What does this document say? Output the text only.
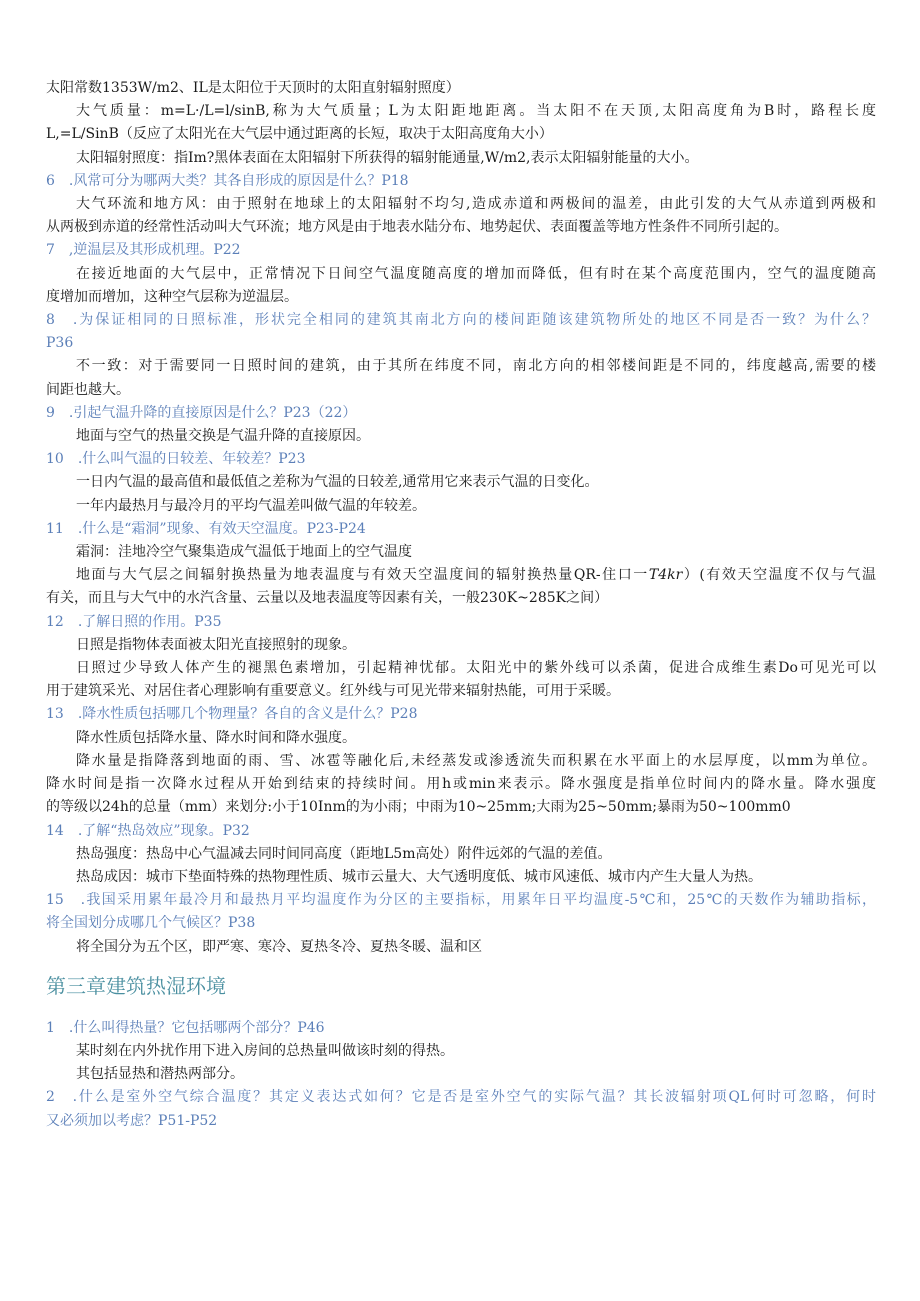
太阳常数1353W/m2、IL是太阳位于天顶时的太阳直射辐射照度）
大气质量：m=L·/L=l/sinB,称为大气质量；L为太阳距地距离。当太阳不在天顶,太阳高度角为B时，路程长度
L,=L/SinB（反应了太阳光在大气层中通过距离的长短，取决于太阳高度角大小）
太阳辐射照度：指Im?黑体表面在太阳辐射下所获得的辐射能通量,W/m2,表示太阳辐射能量的大小。
6　.风常可分为哪两大类？其各自形成的原因是什么？P18
大气环流和地方风：由于照射在地球上的太阳辐射不均匀,造成赤道和两极间的温差，由此引发的大气从赤道到两极和
从两极到赤道的经常性活动叫大气环流；地方风是由于地表水陆分布、地势起伏、表面覆盖等地方性条件不同所引起的。
7　,逆温层及其形成机理。P22
在接近地面的大气层中，正常情况下日间空气温度随高度的增加而降低，但有时在某个高度范围内，空气的温度随高
度增加而增加，这种空气层称为逆温层。
8　.为保证相同的日照标准，形状完全相同的建筑其南北方向的楼间距随该建筑物所处的地区不同是否一致？为什么？
P36
不一致：对于需要同一日照时间的建筑，由于其所在纬度不同，南北方向的相邻楼间距是不同的，纬度越高,需要的楼
间距也越大。
9　.引起气温升降的直接原因是什么？P23（22）
地面与空气的热量交换是气温升降的直接原因。
10　.什么叫气温的日较差、年较差？P23
一日内气温的最高值和最低值之差称为气温的日较差,通常用它来表示气温的日变化。
一年内最热月与最冷月的平均气温差叫做气温的年较差。
11　.什么是“霜洞”现象、有效天空温度。P23-P24
霜洞：洼地冷空气聚集造成气温低于地面上的空气温度
地面与大气层之间辐射换热量为地表温度与有效天空温度间的辐射换热量QR-住口一T4kr）(有效天空温度不仅与气温
有关，而且与大气中的水汽含量、云量以及地表温度等因素有关，一般230K~285K之间）
12　.了解日照的作用。P35
日照是指物体表面被太阳光直接照射的现象。
日照过少导致人体产生的褪黑色素增加，引起精神忧郁。太阳光中的紫外线可以杀菌，促进合成维生素Do可见光可以
用于建筑采光、对居住者心理影响有重要意义。红外线与可见光带来辐射热能，可用于采暖。
13　.降水性质包括哪几个物理量？各自的含义是什么？P28
降水性质包括降水量、降水时间和降水强度。
降水量是指降落到地面的雨、雪、冰雹等融化后,未经蒸发或渗透流失而积累在水平面上的水层厚度，以mm为单位。
降水时间是指一次降水过程从开始到结束的持续时间。用h或min来表示。降水强度是指单位时间内的降水量。降水强度
的等级以24h的总量（mm）来划分:小于10Inm的为小雨；中雨为10~25mm;大雨为25~50mm;暴雨为50~100mm0
14　.了解“热岛效应”现象。P32
热岛强度：热岛中心气温减去同时间同高度（距地L5m高处）附件远郊的气温的差值。
热岛成因：城市下垫面特殊的热物理性质、城市云量大、大气透明度低、城市风速低、城市内产生大量人为热。
15　.我国采用累年最冷月和最热月平均温度作为分区的主要指标，用累年日平均温度-5℃和，25℃的天数作为辅助指标，
将全国划分成哪几个气候区？P38
将全国分为五个区，即严寒、寒冷、夏热冬冷、夏热冬暖、温和区
第三章建筑热湿环境
1　.什么叫得热量？它包括哪两个部分？P46
某时刻在内外扰作用下进入房间的总热量叫做该时刻的得热。
其包括显热和潜热两部分。
2　.什么是室外空气综合温度？其定义表达式如何？它是否是室外空气的实际气温？其长波辐射项QL何时可忽略，何时
又必须加以考虑？P51-P52
